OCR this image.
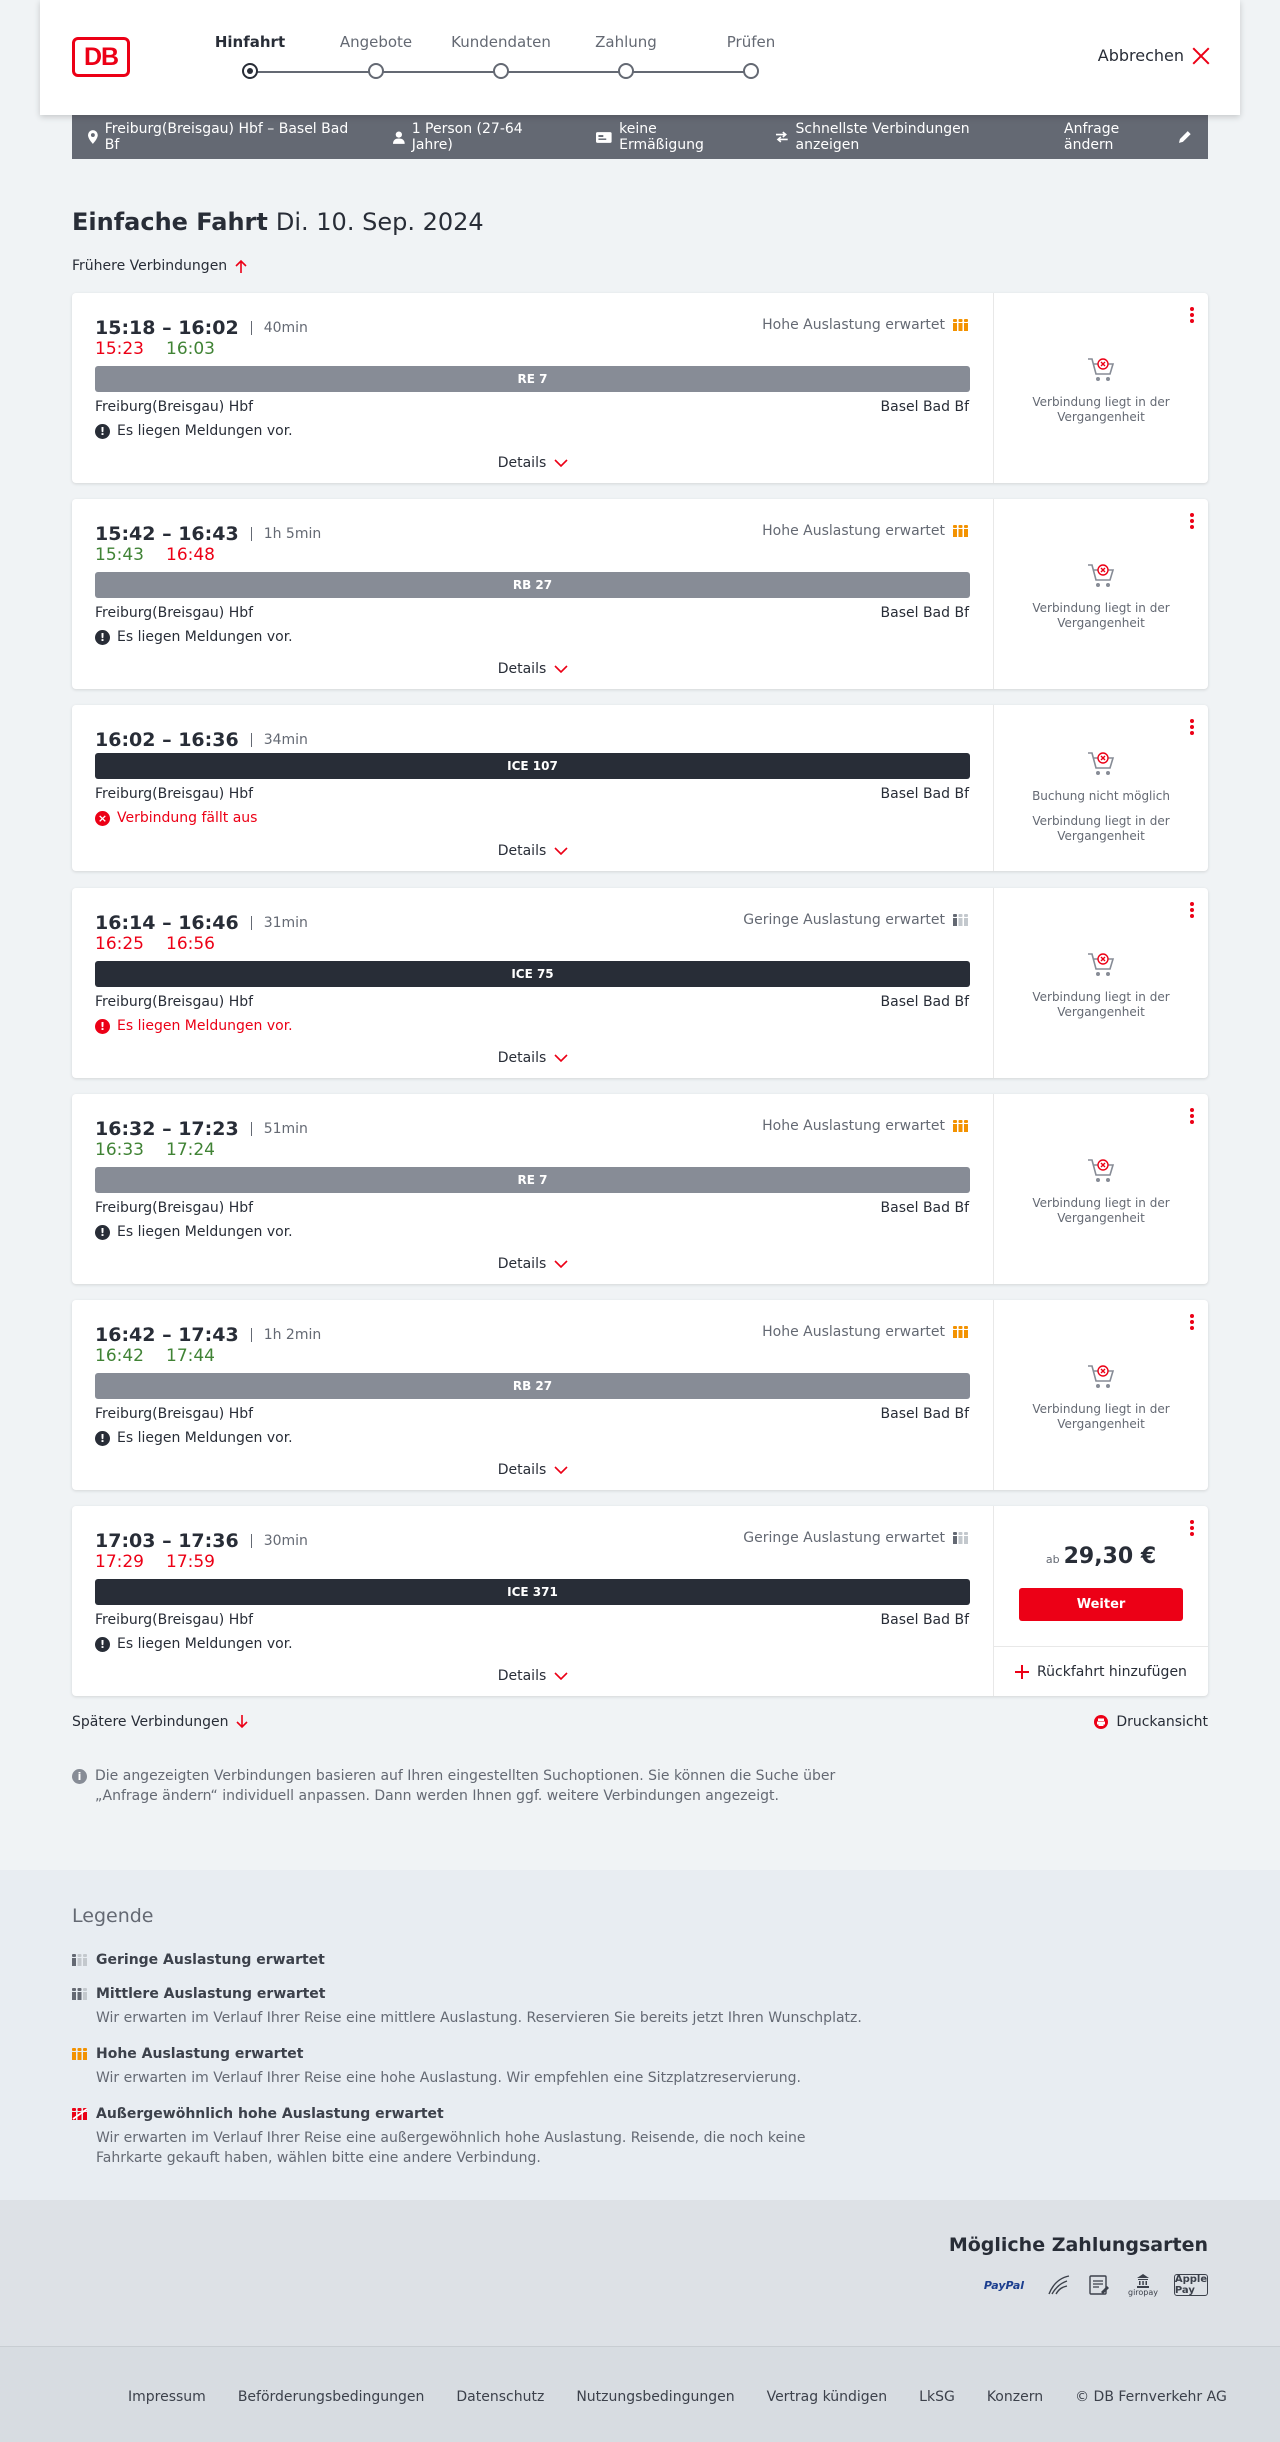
DB
Hinfahrt	Angebote	Kundendaten	Zahlung	Prüfen
Abbrechen
Freiburg(Breisgau) Hbf – Basel Bad Bf
1 Person (27-64 Jahre)
keine Ermäßigung
Schnellste Verbindungen anzeigen
Anfrage ändern
Einfache Fahrt Di. 10. Sep. 2024
Frühere Verbindungen
15:18 – 16:02	40min
15:23 16:03
Hohe Auslastung erwartet
RE 7
Freiburg(Breisgau) Hbf	Basel Bad Bf
! Es liegen Meldungen vor.
Details
Verbindung liegt in der Vergangenheit
15:42 – 16:43	1h 5min
15:43 16:48
Hohe Auslastung erwartet
RB 27
Freiburg(Breisgau) Hbf	Basel Bad Bf
! Es liegen Meldungen vor.
Details
Verbindung liegt in der Vergangenheit
16:02 – 16:36	34min
ICE 107
Freiburg(Breisgau) Hbf	Basel Bad Bf
× Verbindung fällt aus
Details
Buchung nicht möglich
Verbindung liegt in der Vergangenheit
16:14 – 16:46	31min
16:25 16:56
Geringe Auslastung erwartet
ICE 75
Freiburg(Breisgau) Hbf	Basel Bad Bf
! Es liegen Meldungen vor.
Details
Verbindung liegt in der Vergangenheit
16:32 – 17:23	51min
16:33 17:24
Hohe Auslastung erwartet
RE 7
Freiburg(Breisgau) Hbf	Basel Bad Bf
! Es liegen Meldungen vor.
Details
Verbindung liegt in der Vergangenheit
16:42 – 17:43	1h 2min
16:42 17:44
Hohe Auslastung erwartet
RB 27
Freiburg(Breisgau) Hbf	Basel Bad Bf
! Es liegen Meldungen vor.
Details
Verbindung liegt in der Vergangenheit
17:03 – 17:36	30min
17:29 17:59
Geringe Auslastung erwartet
ICE 371
Freiburg(Breisgau) Hbf	Basel Bad Bf
! Es liegen Meldungen vor.
Details
ab 29,30 €
Weiter
Rückfahrt hinzufügen
Spätere Verbindungen	Druckansicht
i Die angezeigten Verbindungen basieren auf Ihren eingestellten Suchoptionen. Sie können die Suche über „Anfrage ändern“ individuell anpassen. Dann werden Ihnen ggf. weitere Verbindungen angezeigt.

Legende
Geringe Auslastung erwartet
Mittlere Auslastung erwartet
Wir erwarten im Verlauf Ihrer Reise eine mittlere Auslastung. Reservieren Sie bereits jetzt Ihren Wunschplatz.
Hohe Auslastung erwartet
Wir erwarten im Verlauf Ihrer Reise eine hohe Auslastung. Wir empfehlen eine Sitzplatzreservierung.
Außergewöhnlich hohe Auslastung erwartet
Wir erwarten im Verlauf Ihrer Reise eine außergewöhnlich hohe Auslastung. Reisende, die noch keine Fahrkarte gekauft haben, wählen bitte eine andere Verbindung.
Mögliche Zahlungsarten
PayPal
giropay
Apple Pay
Impressum Beförderungsbedingungen Datenschutz Nutzungsbedingungen Vertrag kündigen LkSG Konzern © DB Fernverkehr AG
